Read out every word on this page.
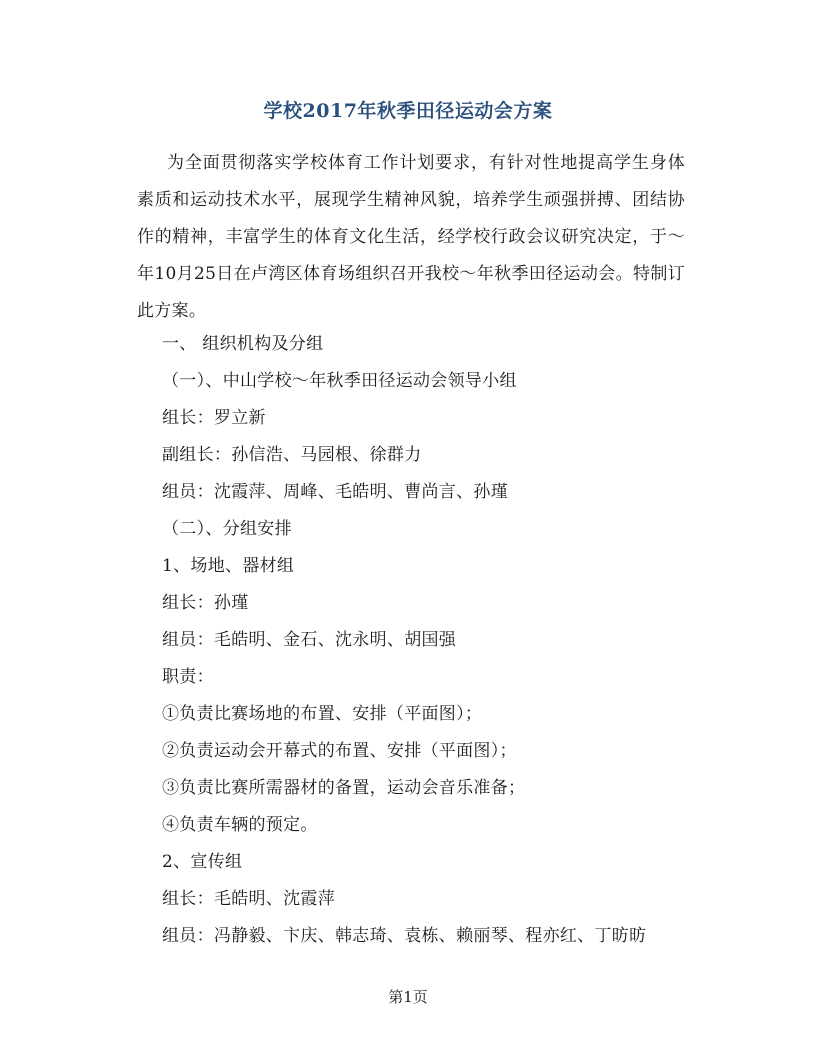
学校2017年秋季田径运动会方案

为全面贯彻落实学校体育工作计划要求，有针对性地提高学生身体素质和运动技术水平，展现学生精神风貌，培养学生顽强拼搏、团结协作的精神，丰富学生的体育文化生活，经学校行政会议研究决定，于～年10月25日在卢湾区体育场组织召开我校～年秋季田径运动会。特制订此方案。

一、 组织机构及分组
（一）、中山学校～年秋季田径运动会领导小组
组长：罗立新
副组长：孙信浩、马园根、徐群力
组员：沈霞萍、周峰、毛皓明、曹尚言、孙瑾
（二）、分组安排
1、场地、器材组
组长：孙瑾
组员：毛皓明、金石、沈永明、胡国强
职责：
①负责比赛场地的布置、安排（平面图）；
②负责运动会开幕式的布置、安排（平面图）；
③负责比赛所需器材的备置，运动会音乐准备；
④负责车辆的预定。
2、宣传组
组长：毛皓明、沈霞萍
组员：冯静毅、卞庆、韩志琦、袁栋、赖丽琴、程亦红、丁昉昉
第1页
